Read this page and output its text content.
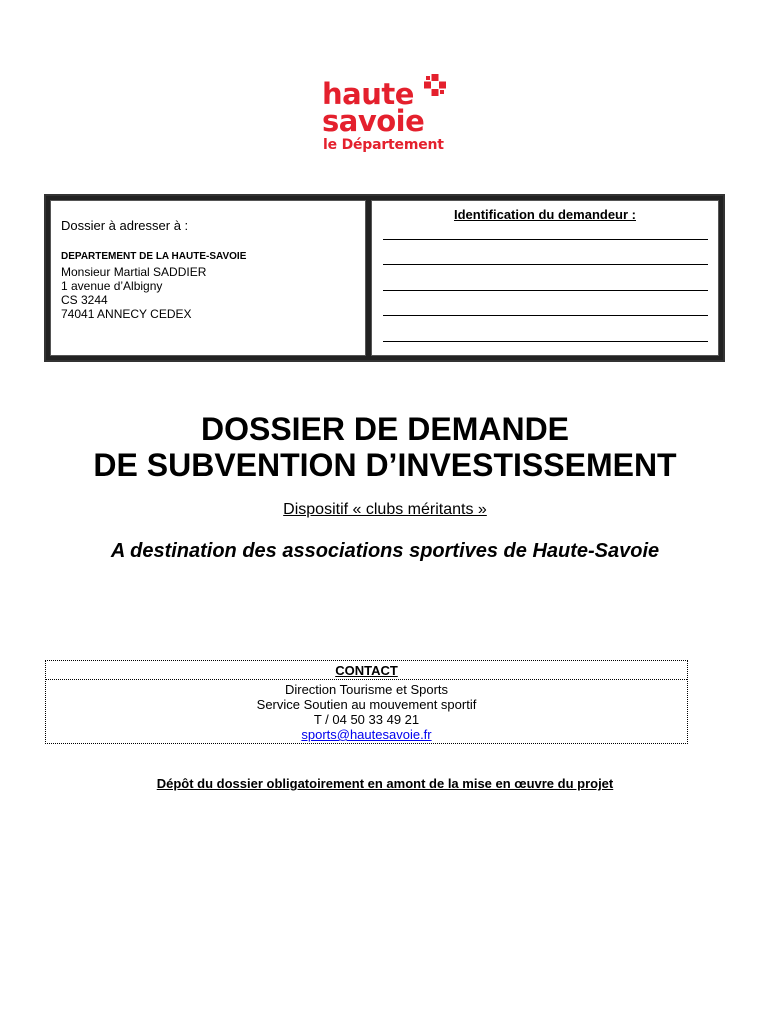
haute
savoie
le Département
Dossier à adresser à :
DEPARTEMENT DE LA HAUTE-SAVOIE
Monsieur Martial SADDIER
1 avenue d’Albigny
CS 3244
74041 ANNECY CEDEX
Identification du demandeur :
DOSSIER DE DEMANDE
DE SUBVENTION D’INVESTISSEMENT
Dispositif « clubs méritants »
A destination des associations sportives de Haute-Savoie
CONTACT
Direction Tourisme et Sports
Service Soutien au mouvement sportif
T / 04 50 33 49 21
sports@hautesavoie.fr
Dépôt du dossier obligatoirement en amont de la mise en œuvre du projet
